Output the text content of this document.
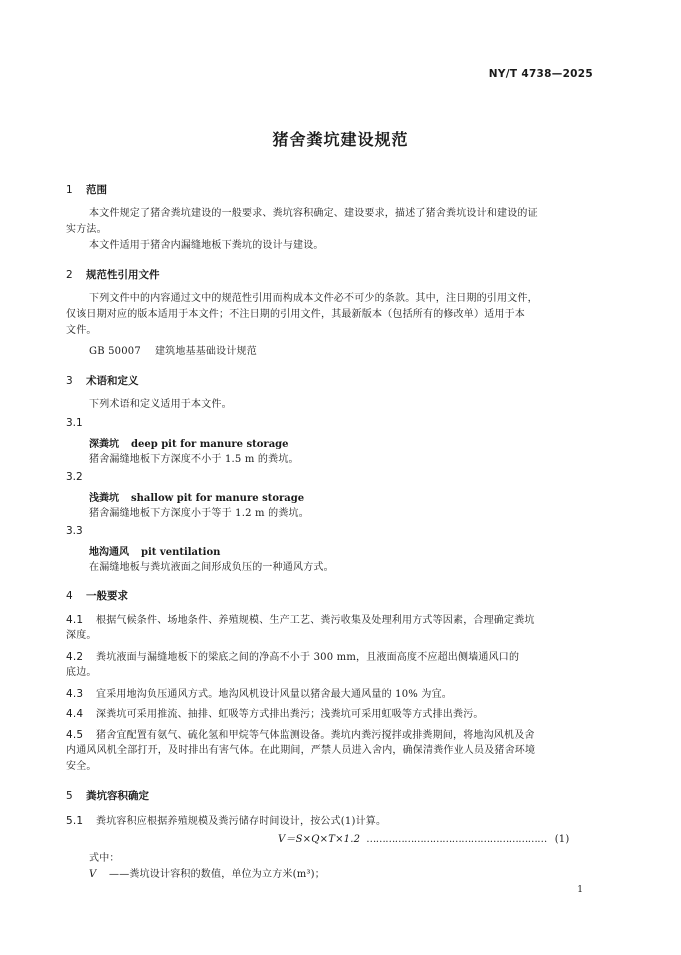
NY/T 4738—2025
猪舍粪坑建设规范
1 范围
本文件规定了猪舍粪坑建设的一般要求、粪坑容积确定、建设要求，描述了猪舍粪坑设计和建设的证
实方法。
本文件适用于猪舍内漏缝地板下粪坑的设计与建设。
2 规范性引用文件
下列文件中的内容通过文中的规范性引用而构成本文件必不可少的条款。其中，注日期的引用文件，
仅该日期对应的版本适用于本文件；不注日期的引用文件，其最新版本（包括所有的修改单）适用于本
文件。
GB 50007 建筑地基基础设计规范
3 术语和定义
下列术语和定义适用于本文件。
3.1
深粪坑 deep pit for manure storage
猪舍漏缝地板下方深度不小于 1.5 m 的粪坑。
3.2
浅粪坑 shallow pit for manure storage
猪舍漏缝地板下方深度小于等于 1.2 m 的粪坑。
3.3
地沟通风 pit ventilation
在漏缝地板与粪坑液面之间形成负压的一种通风方式。
4 一般要求
4.1 根据气候条件、场地条件、养殖规模、生产工艺、粪污收集及处理利用方式等因素，合理确定粪坑
深度。
4.2 粪坑液面与漏缝地板下的梁底之间的净高不小于 300 mm，且液面高度不应超出侧墙通风口的
底边。
4.3 宜采用地沟负压通风方式。地沟风机设计风量以猪舍最大通风量的 10% 为宜。
4.4 深粪坑可采用推流、抽排、虹吸等方式排出粪污；浅粪坑可采用虹吸等方式排出粪污。
4.5 猪舍宜配置有氨气、硫化氢和甲烷等气体监测设备。粪坑内粪污搅拌或排粪期间，将地沟风机及舍
内通风风机全部打开，及时排出有害气体。在此期间，严禁人员进入舍内，确保清粪作业人员及猪舍环境
安全。
5 粪坑容积确定
5.1 粪坑容积应根据养殖规模及粪污储存时间设计，按公式(1)计算。
V＝S×Q×T×1.2 ………………………………………………… (1)
式中：
V ——粪坑设计容积的数值，单位为立方米(m³)；
1
